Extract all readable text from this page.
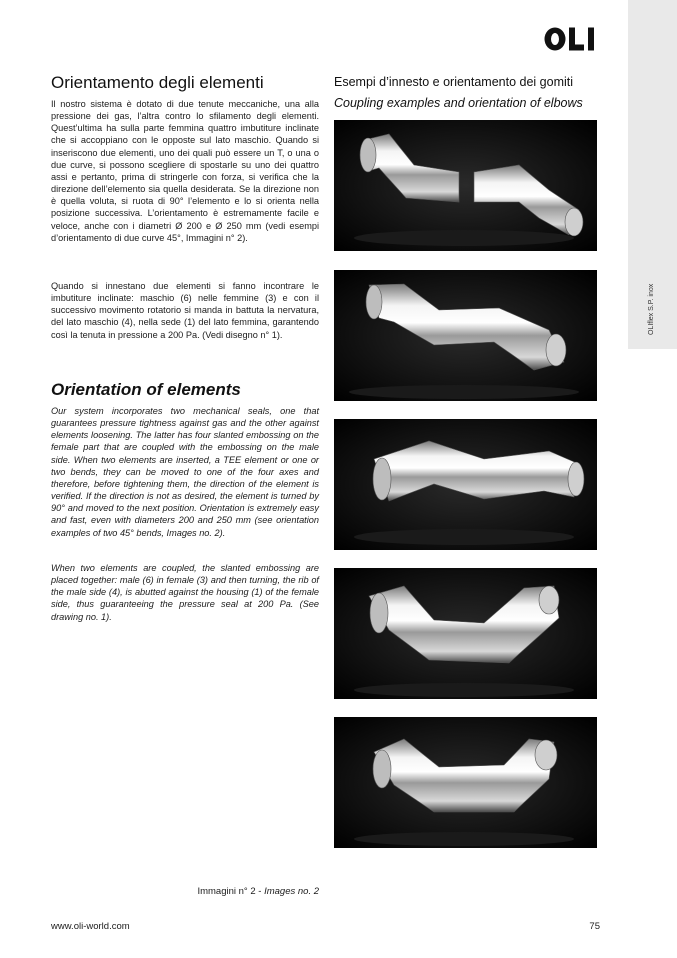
OLIflex S.P. inox
OLI
Orientamento degli elementi

Il nostro sistema è dotato di due tenute meccaniche, una alla pressione dei gas, l’altra contro lo sfilamento degli elementi. Quest’ultima ha sulla parte femmina quattro imbutiture inclinate che si accoppiano con le opposte sul lato maschio. Quando si inseriscono due elementi, uno dei quali può essere un T, o una o due curve, si possono scegliere di spostarle su uno dei quattro assi e pertanto, prima di stringerle con forza, si verifica che la direzione dell’elemento sia quella desiderata. Se la direzione non è quella voluta, si ruota di 90° l’elemento e lo si orienta nella posizione successiva. L’orientamento è estremamente facile e veloce, anche con i diametri Ø 200 e Ø 250 mm (vedi esempi d’orientamento di due curve 45°, Immagini n° 2).

Quando si innestano due elementi si fanno incontrare le imbutiture inclinate: maschio (6) nelle femmine (3) e con il successivo movimento rotatorio si manda in battuta la nervatura, del lato maschio (4), nella sede (1) del lato femmina, garantendo così la tenuta in pressione a 200 Pa. (Vedi disegno n° 1).

Orientation of elements

Our system incorporates two mechanical seals, one that guarantees pressure tightness against gas and the other against elements loosening. The latter has four slanted embossing on the female part that are coupled with the embossing on the male side. When two elements are inserted, a TEE element or one or two bends, they can be moved to one of the four axes and therefore, before tightening them, the direction of the element is verified. If the direction is not as desired, the element is turned by 90° and moved to the next position. Orientation is extremely easy and fast, even with diameters 200 and 250 mm (see orientation examples of two 45° bends, Images no. 2).

When two elements are coupled, the slanted embossing are placed together: male (6) in female (3) and then turning, the rib of the male side (4), is abutted against the housing (1) of the female side, thus guaranteeing the pressure seal at 200 Pa. (See drawing no. 1).

Immagini n° 2 - Images no. 2
Esempi d’innesto e orientamento dei gomiti
Coupling examples and orientation of elbows
www.oli-world.com	75
